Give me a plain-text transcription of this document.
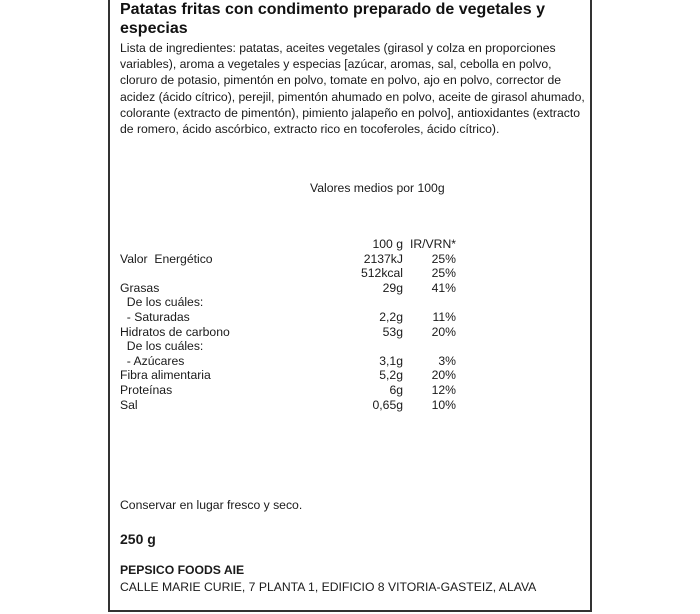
Patatas fritas con condimento preparado de vegetales y especias
Lista de ingredientes: patatas, aceites vegetales (girasol y colza en proporciones variables), aroma a vegetales y especias [azúcar, aromas, sal, cebolla en polvo, cloruro de potasio, pimentón en polvo, tomate en polvo, ajo en polvo, corrector de acidez (ácido cítrico), perejil, pimentón ahumado en polvo, aceite de girasol ahumado, colorante (extracto de pimentón), pimiento jalapeño en polvo], antioxidantes (extracto de romero, ácido ascórbico, extracto rico en tocoferoles, ácido cítrico).
Valores medios por 100g
100 g IR/VRN*
Valor  Energético	2137kJ	25%
512kcal	25%
Grasas	29g	41%
De los cuáles:
- Saturadas	2,2g	11%
Hidratos de carbono	53g	20%
De los cuáles:
- Azúcares	3,1g	3%
Fibra alimentaria	5,2g	20%
Proteínas	6g	12%
Sal	0,65g	10%
Conservar en lugar fresco y seco.
250 g
PEPSICO FOODS AIE
CALLE MARIE CURIE, 7 PLANTA 1, EDIFICIO 8 VITORIA-GASTEIZ, ALAVA
